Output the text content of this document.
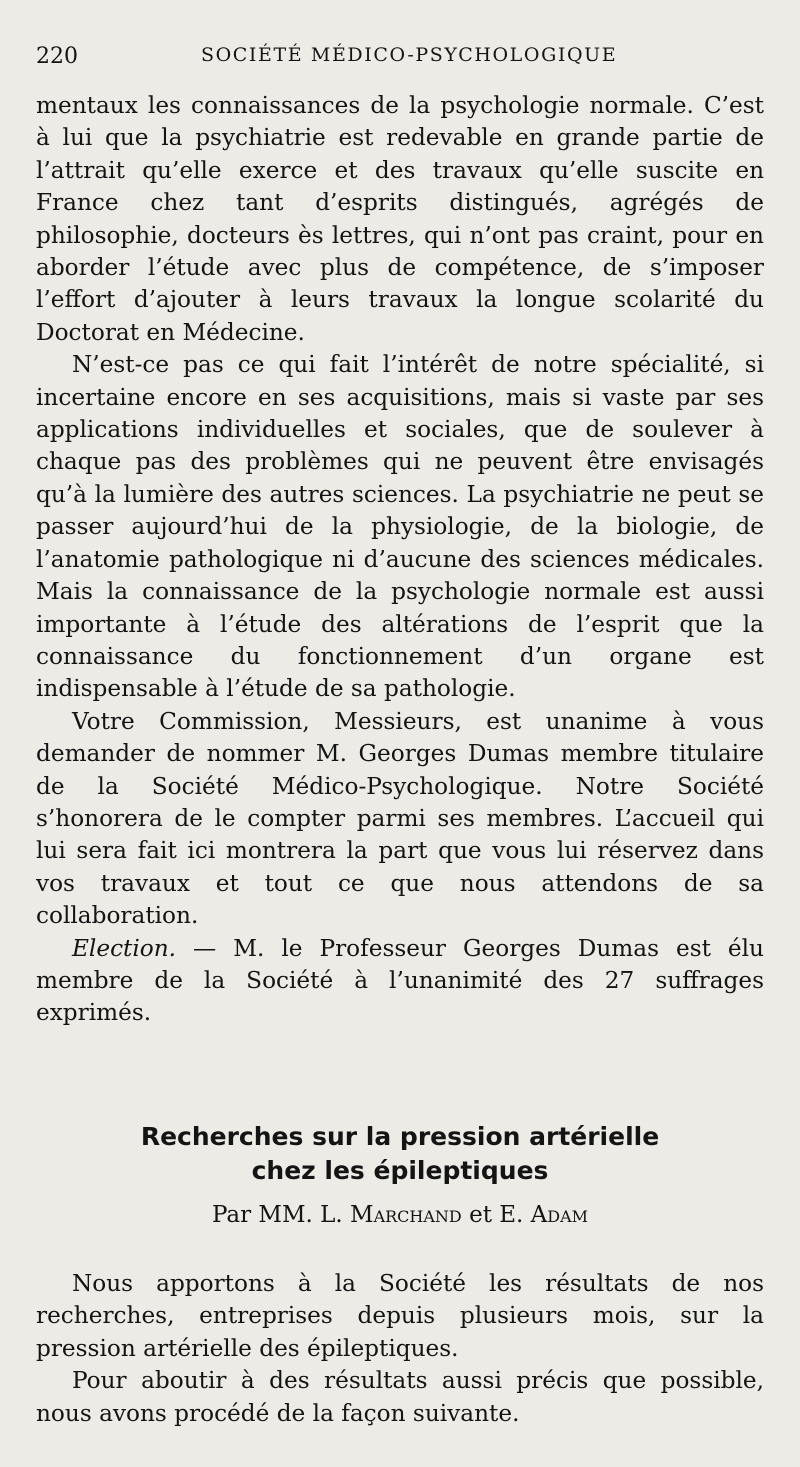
220	SOCIÉTÉ MÉDICO-PSYCHOLOGIQUE

mentaux les connaissances de la psychologie normale. C’est à lui que la psychiatrie est redevable en grande partie de l’attrait qu’elle exerce et des travaux qu’elle suscite en France chez tant d’esprits distingués, agrégés de philosophie, docteurs ès lettres, qui n’ont pas craint, pour en aborder l’étude avec plus de compétence, de s’imposer l’effort d’ajouter à leurs travaux la longue scolarité du Doctorat en Médecine.

N’est-ce pas ce qui fait l’intérêt de notre spécialité, si incertaine encore en ses acquisitions, mais si vaste par ses applications individuelles et sociales, que de soulever à chaque pas des problèmes qui ne peuvent être envisagés qu’à la lumière des autres sciences. La psychiatrie ne peut se passer aujourd’hui de la physiologie, de la biologie, de l’anatomie pathologique ni d’aucune des sciences médicales. Mais la connaissance de la psychologie normale est aussi importante à l’étude des altérations de l’esprit que la connaissance du fonctionnement d’un organe est indispensable à l’étude de sa pathologie.

Votre Commission, Messieurs, est unanime à vous demander de nommer M. Georges Dumas membre titulaire de la Société Médico-Psychologique. Notre Société s’honorera de le compter parmi ses membres. L’accueil qui lui sera fait ici montrera la part que vous lui réservez dans vos travaux et tout ce que nous attendons de sa collaboration.

Election. — M. le Professeur Georges Dumas est élu membre de la Société à l’unanimité des 27 suffrages exprimés.

Recherches sur la pression artérielle
chez les épileptiques
Par MM. L. Marchand et E. Adam

Nous apportons à la Société les résultats de nos recherches, entreprises depuis plusieurs mois, sur la pression artérielle des épileptiques.

Pour aboutir à des résultats aussi précis que possible, nous avons procédé de la façon suivante.
